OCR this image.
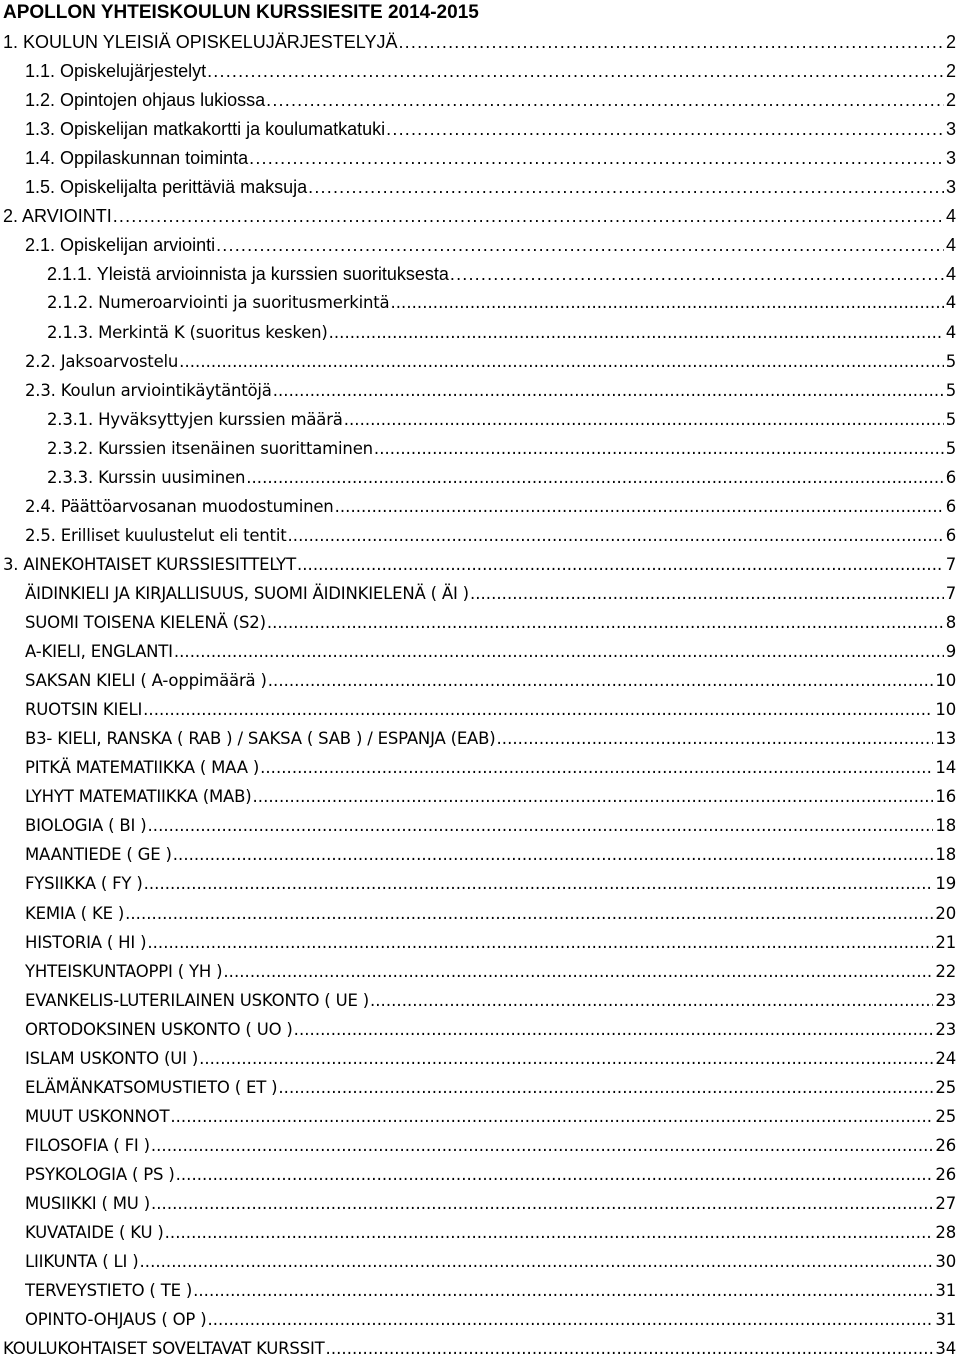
APOLLON YHTEISKOULUN KURSSIESITE 2014-2015
1. KOULUN YLEISIÄ OPISKELUJÄRJESTELYJÄ . . .	2
1.1. Opiskelujärjestelyt . . .	2
1.2. Opintojen ohjaus lukiossa . . .	2
1.3. Opiskelijan matkakortti ja koulumatkatuki . . .	3
1.4. Oppilaskunnan toiminta . . .	3
1.5. Opiskelijalta perittäviä maksuja . . .	3
2. ARVIOINTI . . .	4
2.1. Opiskelijan arviointi . . .	4
2.1.1. Yleistä arvioinnista ja kurssien suorituksesta . . .	4
2.1.2. Numeroarviointi ja suoritusmerkintä . . .	4
2.1.3. Merkintä K (suoritus kesken) . . .	4
2.2. Jaksoarvostelu . . .	5
2.3. Koulun arviointikäytäntöjä . . .	5
2.3.1. Hyväksyttyjen kurssien määrä . . .	5
2.3.2. Kurssien itsenäinen suorittaminen . . .	5
2.3.3. Kurssin uusiminen . . .	6
2.4. Päättöarvosanan muodostuminen . . .	6
2.5. Erilliset kuulustelut eli tentit . . .	6
3. AINEKOHTAISET KURSSIESITTELYT . . .	7
ÄIDINKIELI JA KIRJALLISUUS, SUOMI ÄIDINKIELENÄ ( ÄI ) . . .	7
SUOMI TOISENA KIELENÄ (S2) . . .	8
A-KIELI, ENGLANTI . . .	9
SAKSAN KIELI ( A-oppimäärä ) . . .	10
RUOTSIN KIELI . . .	10
B3- KIELI, RANSKA ( RAB ) / SAKSA ( SAB ) / ESPANJA (EAB) . . .	13
PITKÄ MATEMATIIKKA ( MAA ) . . .	14
LYHYT MATEMATIIKKA (MAB) . . .	16
BIOLOGIA ( BI ) . . .	18
MAANTIEDE ( GE ) . . .	18
FYSIIKKA ( FY ) . . .	19
KEMIA ( KE ) . . .	20
HISTORIA ( HI ) . . .	21
YHTEISKUNTAOPPI ( YH ) . . .	22
EVANKELIS-LUTERILAINEN USKONTO ( UE ) . . .	23
ORTODOKSINEN USKONTO ( UO ) . . .	23
ISLAM USKONTO (UI ) . . .	24
ELÄMÄNKATSOMUSTIETO ( ET ) . . .	25
MUUT USKONNOT . . .	25
FILOSOFIA ( FI ) . . .	26
PSYKOLOGIA ( PS ) . . .	26
MUSIIKKI ( MU ) . . .	27
KUVATAIDE ( KU ) . . .	28
LIIKUNTA ( LI ) . . .	30
TERVEYSTIETO ( TE ) . . .	31
OPINTO-OHJAUS ( OP ) . . .	31
KOULUKOHTAISET SOVELTAVAT KURSSIT . . .	34
